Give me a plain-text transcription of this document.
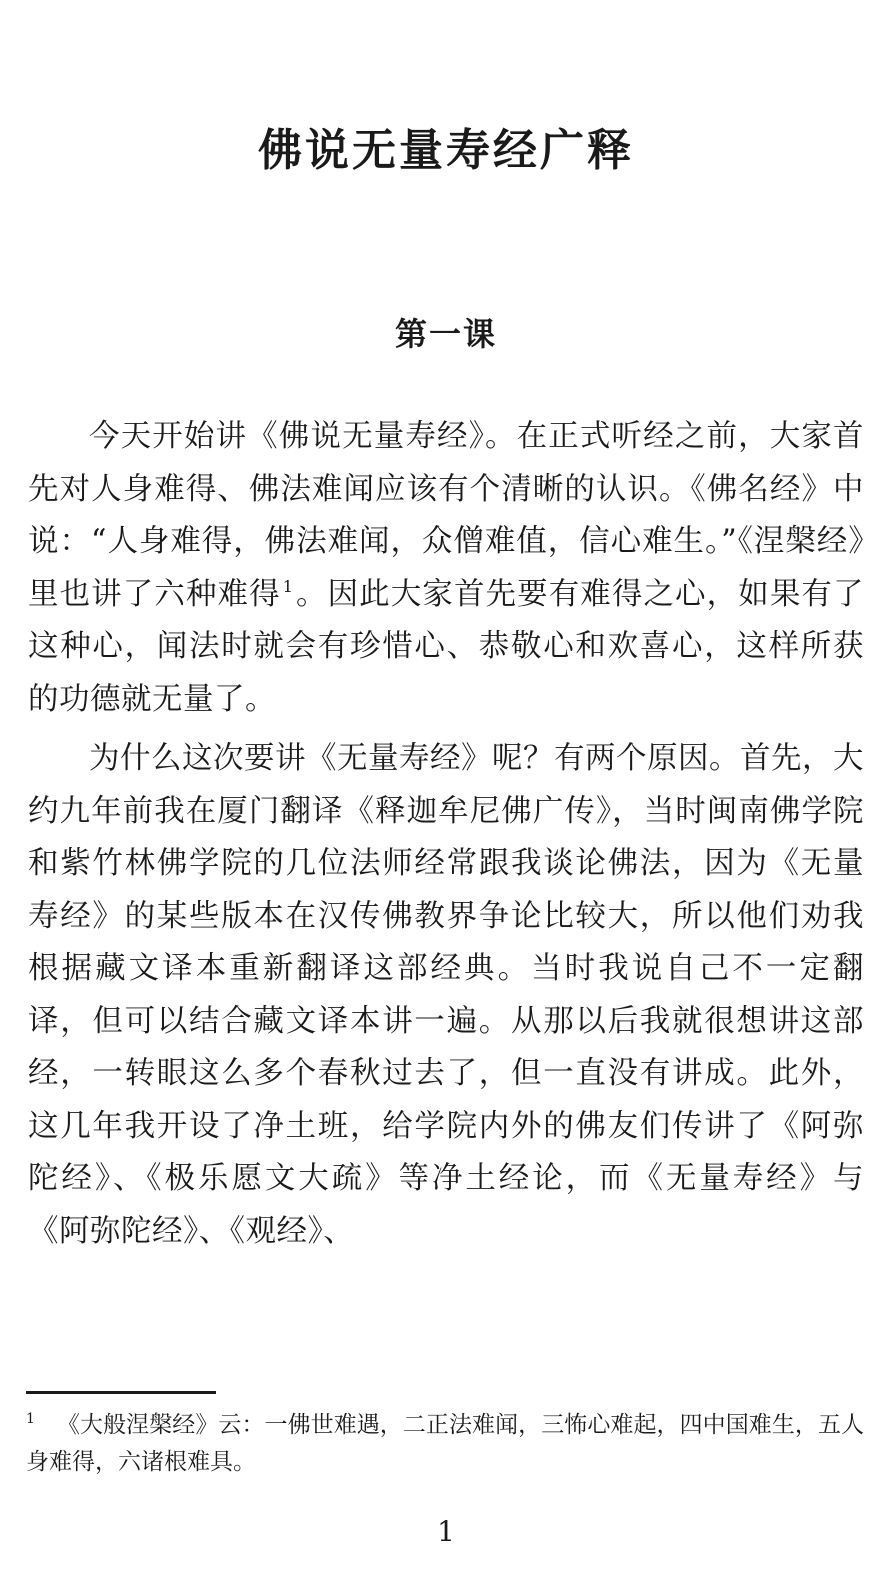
佛说无量寿经广释
第一课

今天开始讲《佛说无量寿经》。在正式听经之前，大家首先对人身难得、佛法难闻应该有个清晰的认识。《佛名经》中说：“人身难得，佛法难闻，众僧难值，信心难生。”《涅槃经》里也讲了六种难得 $^1$。因此大家首先要有难得之心，如果有了这种心，闻法时就会有珍惜心、恭敬心和欢喜心，这样所获的功德就无量了。

为什么这次要讲《无量寿经》呢？有两个原因。首先，大约九年前我在厦门翻译《释迦牟尼佛广传》，当时闽南佛学院和紫竹林佛学院的几位法师经常跟我谈论佛法，因为《无量寿经》的某些版本在汉传佛教界争论比较大，所以他们劝我根据藏文译本重新翻译这部经典。当时我说自己不一定翻译，但可以结合藏文译本讲一遍。从那以后我就很想讲这部经，一转眼这么多个春秋过去了，但一直没有讲成。此外，这几年我开设了净土班，给学院内外的佛友们传讲了《阿弥陀经》、《极乐愿文大疏》等净土经论，而《无量寿经》与《阿弥陀经》、《观经》、

$^1$ 《大般涅槃经》云：一佛世难遇，二正法难闻，三怖心难起，四中国难生，五人身难得，六诸根难具。
1
